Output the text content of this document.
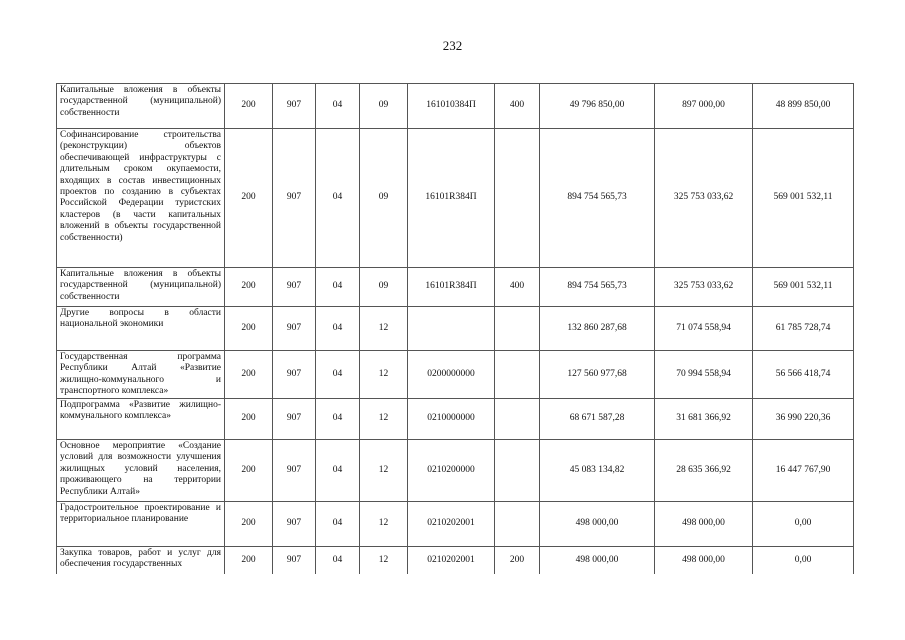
232
Капитальные вложения в объекты государственной (муниципальной) собственности	200	907	04	09	161010384П	400	49 796 850,00	897 000,00	48 899 850,00
Софинансирование строительства (реконструкции) объектов обеспечивающей инфраструктуры с длительным сроком окупаемости, входящих в состав инвестиционных проектов по созданию в субъектах Российской Федерации туристских кластеров (в части капитальных вложений в объекты государственной собственности)	200	907	04	09	16101R384П		894 754 565,73	325 753 033,62	569 001 532,11
Капитальные вложения в объекты государственной (муниципальной) собственности	200	907	04	09	16101R384П	400	894 754 565,73	325 753 033,62	569 001 532,11
Другие вопросы в области национальной экономики	200	907	04	12			132 860 287,68	71 074 558,94	61 785 728,74
Государственная программа Республики Алтай «Развитие жилищно-коммунального и транспортного комплекса»	200	907	04	12	0200000000		127 560 977,68	70 994 558,94	56 566 418,74
Подпрограмма «Развитие жилищно-коммунального комплекса»	200	907	04	12	0210000000		68 671 587,28	31 681 366,92	36 990 220,36
Основное мероприятие «Создание условий для возможности улучшения жилищных условий населения, проживающего на территории Республики Алтай»	200	907	04	12	0210200000		45 083 134,82	28 635 366,92	16 447 767,90
Градостроительное проектирование и территориальное планирование	200	907	04	12	0210202001		498 000,00	498 000,00	0,00
Закупка товаров, работ и услуг для обеспечения государственных	200	907	04	12	0210202001	200	498 000,00	498 000,00	0,00
